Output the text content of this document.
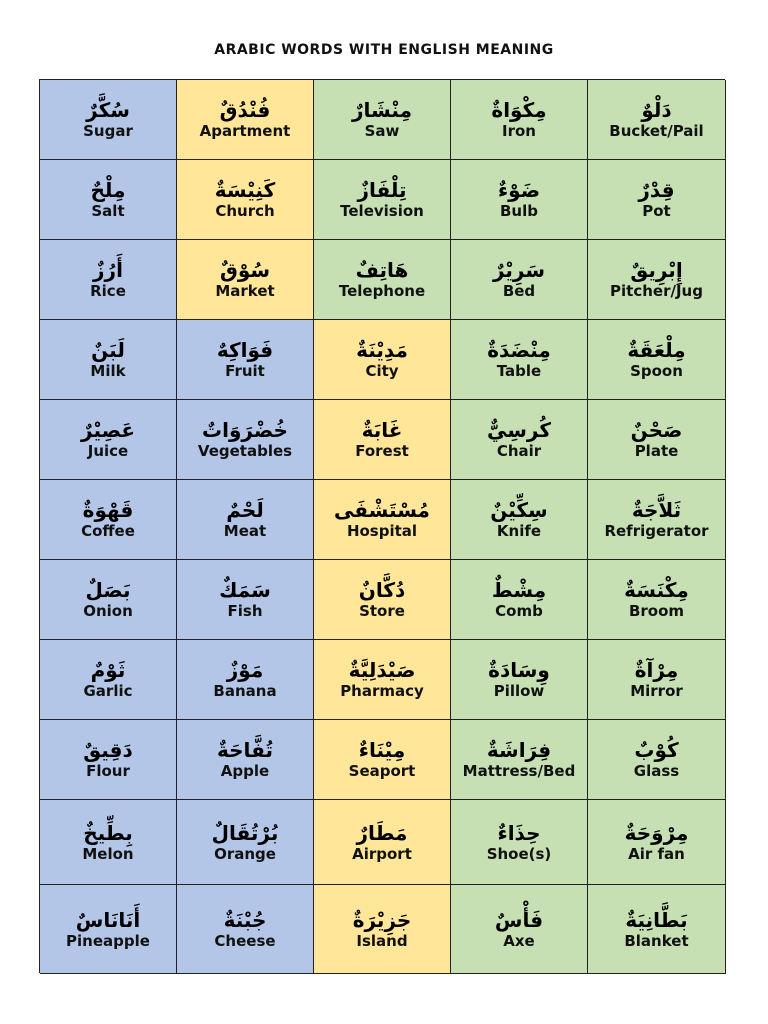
ARABIC WORDS WITH ENGLISH MEANING
سُكَّرٌ
Sugar
فُنْدُقٌ
Apartment
مِنْشَارٌ
Saw
مِكْوَاةٌ
Iron
دَلْوٌ
Bucket/Pail
مِلْحٌ
Salt
كَنِيْسَةٌ
Church
تِلْفَازٌ
Television
ضَوْءٌ
Bulb
قِدْرٌ
Pot
أَرُزٌ
Rice
سُوْقٌ
Market
هَاتِفٌ
Telephone
سَرِيْرٌ
Bed
إِبْرِيقٌ
Pitcher/Jug
لَبَنٌ
Milk
فَوَاكِهٌ
Fruit
مَدِيْنَةٌ
City
مِنْضَدَةٌ
Table
مِلْعَقَةٌ
Spoon
عَصِيْرٌ
Juice
خُضْرَوَاتٌ
Vegetables
غَابَةٌ
Forest
كُرسِيٌّ
Chair
صَحْنٌ
Plate
قَهْوَةٌ
Coffee
لَحْمٌ
Meat
مُسْتَشْفَى
Hospital
سِكِّيْنٌ
Knife
ثَلاَّجَةٌ
Refrigerator
بَصَلٌ
Onion
سَمَكٌ
Fish
دُكَّانٌ
Store
مِشْطٌ
Comb
مِكْنَسَةٌ
Broom
ثَوْمٌ
Garlic
مَوْزٌ
Banana
صَيْدَلِيَّةٌ
Pharmacy
وِسَادَةٌ
Pillow
مِرْآةٌ
Mirror
دَقِيقٌ
Flour
تُفَّاحَةٌ
Apple
مِيْنَاءٌ
Seaport
فِرَاشَةٌ
Mattress/Bed
كُوْبٌ
Glass
بِطِّيخٌ
Melon
بُرْتُقَالٌ
Orange
مَطَارٌ
Airport
حِذَاءٌ
Shoe(s)
مِرْوَحَةٌ
Air fan
أَنَانَاسٌ
Pineapple
جُبْنَةٌ
Cheese
جَزِيْرَةٌ
Island
فَأْسٌ
Axe
بَطَّانِيَةٌ
Blanket
